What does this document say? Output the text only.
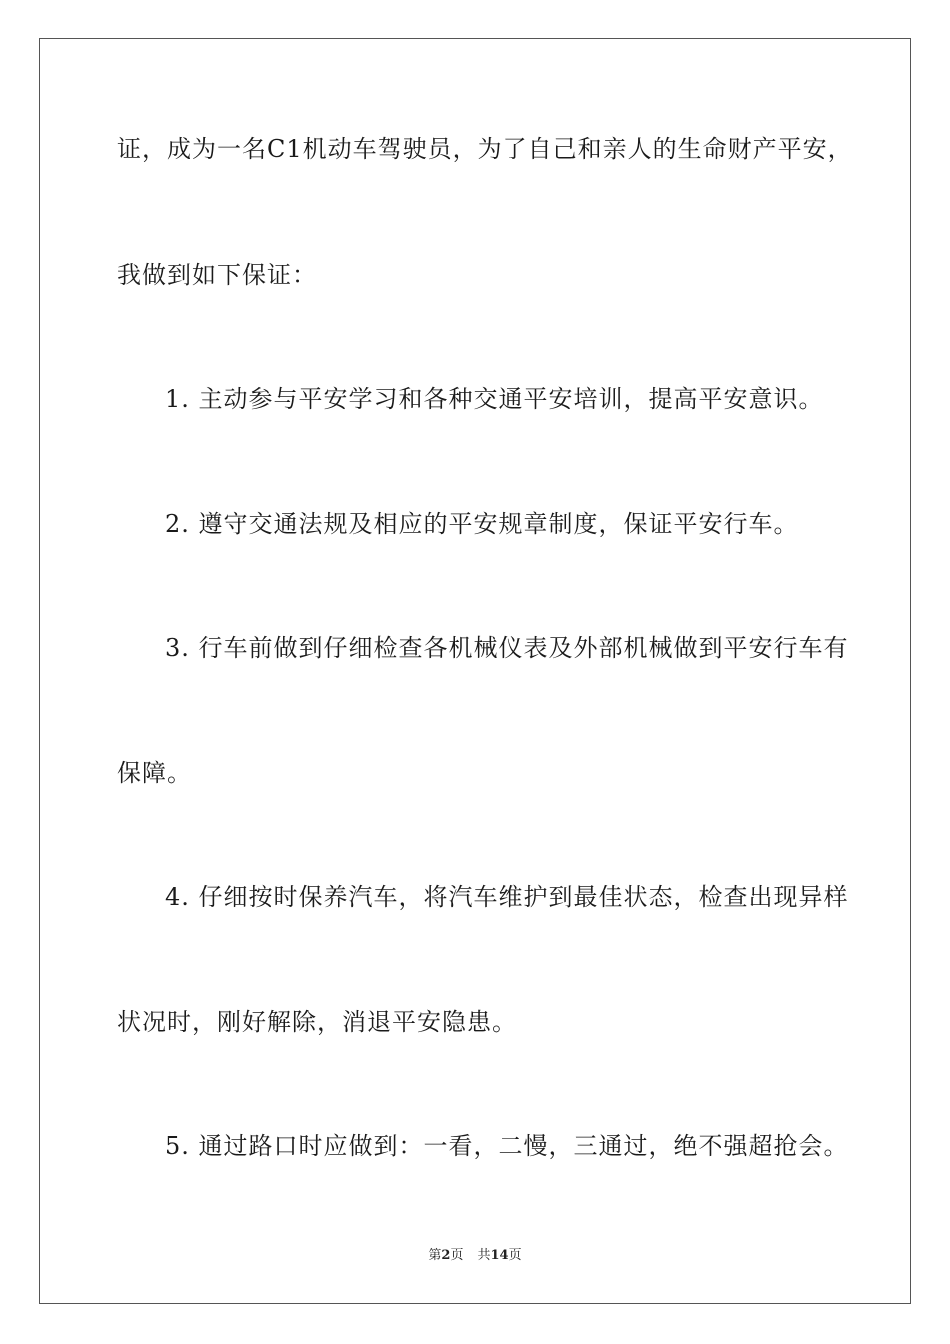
证，成为一名C1机动车驾驶员，为了自己和亲人的生命财产平安，
我做到如下保证：
1. 主动参与平安学习和各种交通平安培训，提高平安意识。
2. 遵守交通法规及相应的平安规章制度，保证平安行车。
3. 行车前做到仔细检查各机械仪表及外部机械做到平安行车有
保障。
4. 仔细按时保养汽车，将汽车维护到最佳状态，检查出现异样
状况时，刚好解除，消退平安隐患。
5. 通过路口时应做到：一看，二慢，三通过，绝不强超抢会。
第2页 共14页
